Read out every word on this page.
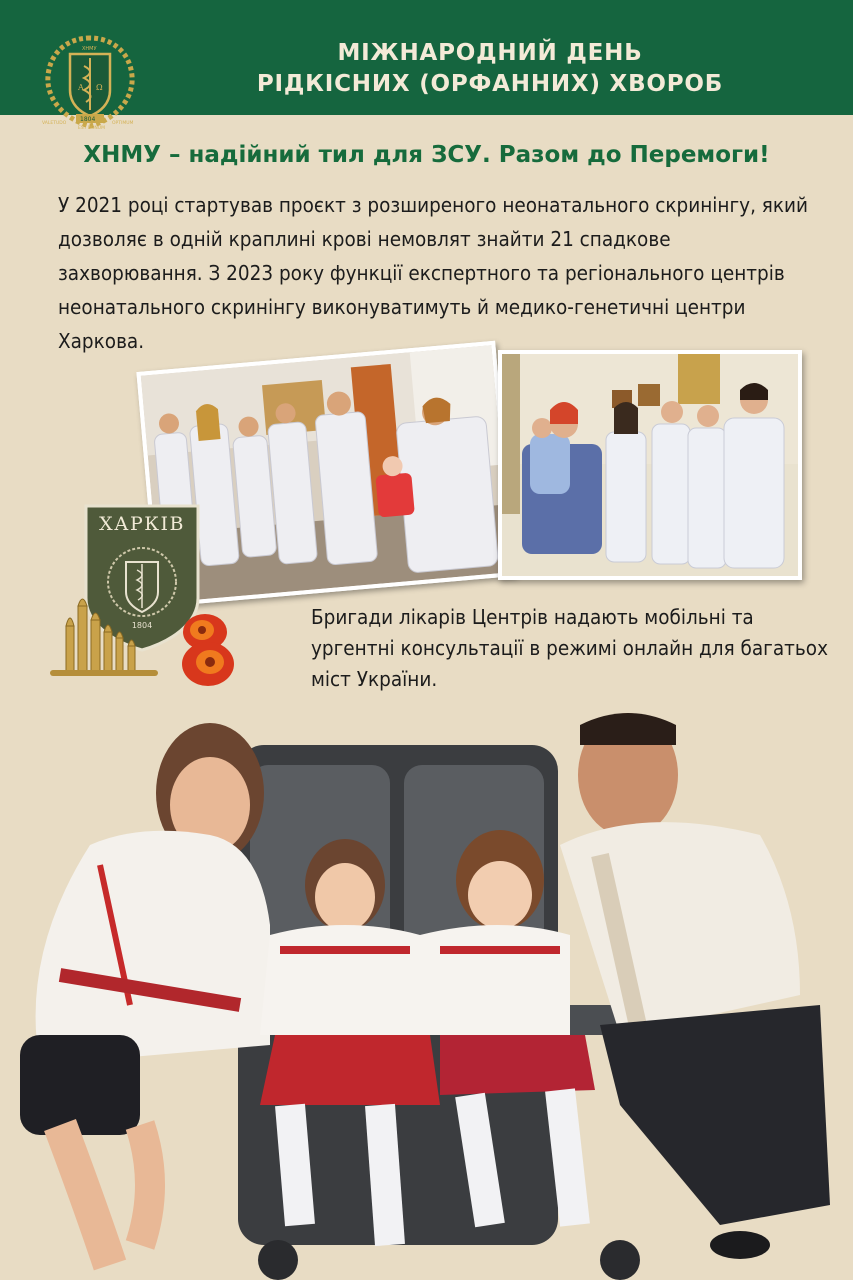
Α Ω
ХНМУ
1804
VALETUDO	OPTIMUM
EST BONUM
МІЖНАРОДНИЙ ДЕНЬ
РІДКІСНИХ (ОРФАННИХ) ХВОРОБ
ХНМУ – надійний тил для ЗСУ. Разом до Перемоги!
У 2021 році стартував проєкт з розширеного неонатального скринінгу, який дозволяє в одній краплині крові немовлят знайти 21 спадкове захворювання. З 2023 року функції експертного та регіонального центрів неонатального скринінгу виконуватимуть й медико-генетичні центри Харкова.
ХАРКІВ
1804	Бригади лікарів Центрів надають мобільні та ургентні консультації в режимі онлайн для багатьох міст України.
